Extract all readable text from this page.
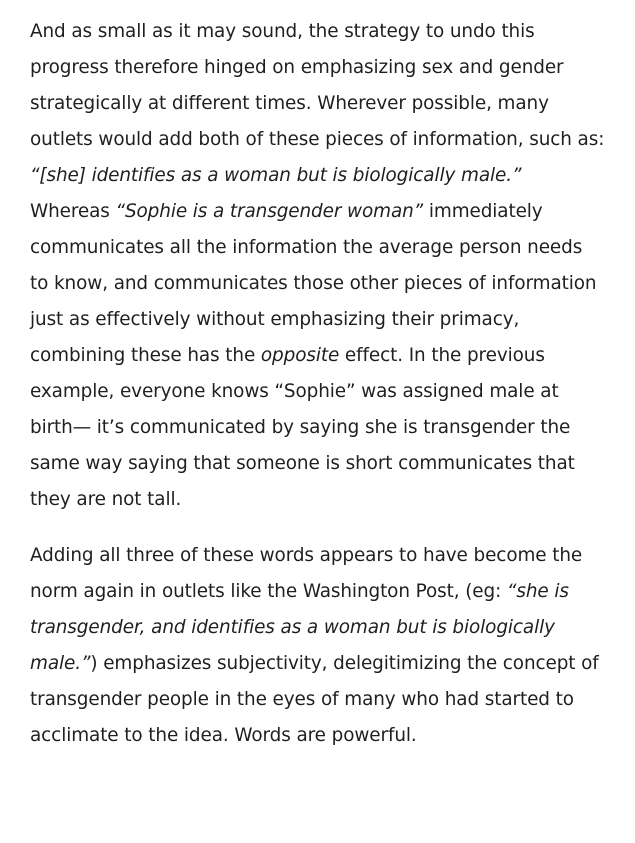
And as small as it may sound, the strategy to undo this progress therefore hinged on emphasizing sex and gender strategically at different times. Wherever possible, many outlets would add both of these pieces of information, such as: “[she] identifies as a woman but is biologically male.” Whereas “Sophie is a transgender woman” immediately communicates all the information the average person needs to know, and communicates those other pieces of information just as effectively without emphasizing their primacy, combining these has the opposite effect. In the previous example, everyone knows “Sophie” was assigned male at birth— it’s communicated by saying she is transgender the same way saying that someone is short communicates that they are not tall.

Adding all three of these words appears to have become the norm again in outlets like the Washington Post, (eg: “she is transgender, and identifies as a woman but is biologically male.”) emphasizes subjectivity, delegitimizing the concept of transgender people in the eyes of many who had started to acclimate to the idea. Words are powerful.
